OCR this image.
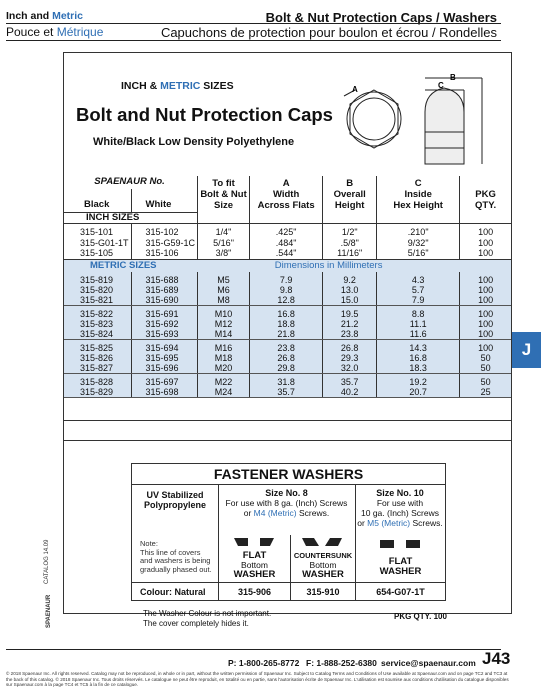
Inch and Metric
Pouce et Métrique
Bolt & Nut Protection Caps / Washers
Capuchons de protection pour boulon et écrou / Rondelles
INCH & METRIC SIZES
Bolt and Nut Protection Caps
White/Black Low Density Polyethylene
A
B
C
SPAENAUR No.		To fit
Bolt & Nut
Size	A
Width
Across Flats	B
Overall
Height	C
Inside
Hex Height	PKG
QTY.
Black	White					
INCH SIZES						
315-101	315-102	1/4"	.425"	1/2"	.210"	100
315-G01-1T	315-G59-1C	5/16"	.484"	.5/8"	9/32"	100
315-105	315-106	3/8"	.544"	11/16"	5/16"	100
METRIC SIZES		Dimensions in Millimeters				
315-819	315-688	M5	7.9	9.2	4.3	100
315-820	315-689	M6	9.8	13.0	5.7	100
315-821	315-690	M8	12.8	15.0	7.9	100
315-822	315-691	M10	16.8	19.5	8.8	100
315-823	315-692	M12	18.8	21.2	11.1	100
315-824	315-693	M14	21.8	23.8	11.6	100
315-825	315-694	M16	23.8	26.8	14.3	100
315-826	315-695	M18	26.8	29.3	16.8	50
315-827	315-696	M20	29.8	32.0	18.3	50
315-828	315-697	M22	31.8	35.7	19.2	50
315-829	315-698	M24	35.7	40.2	20.7	25
FASTENER WASHERS
UV Stabilized
Polypropylene
Note:
This line of covers
and washers is being
gradually phased out.
Size No. 8
For use with 8 ga. (Inch) Screws
or M4 (Metric) Screws.
Size No. 10
For use with
10 ga. (Inch) Screws
or M5 (Metric) Screws.
FLAT
Bottom
WASHER
COUNTERSUNK
Bottom
WASHER
FLAT
WASHER
Colour: Natural	315-906	315-910	654-G07-1T
The Washer Colour is not important.
The cover completely hides it.
PKG QTY. 100
J
CATALOG 14.09
SPAENAUR
P: 1-800-265-8772 F: 1-888-252-6380 service@spaenaur.com J43
© 2018 Spaenaur Inc. All rights reserved. Catalog may not be reproduced, in whole or in part, without the written permission of Spaenaur Inc. Subject to Catalog Terms and Conditions of Use available at Spaenaur.com and on page TC2 and TC3 at the back of this catalog. © 2018 Spaenaur Inc. Tous droits réservés. Le catalogue ne peut être reproduit, en totalité ou en partie, sans l'autorisation écrite de Spaenaur Inc. L'utilisation est soumise aux conditions d'utilisation du catalogue disponibles sur Spaenaur.com à la page TC4 et TC5 à la fin de ce catalogue.
